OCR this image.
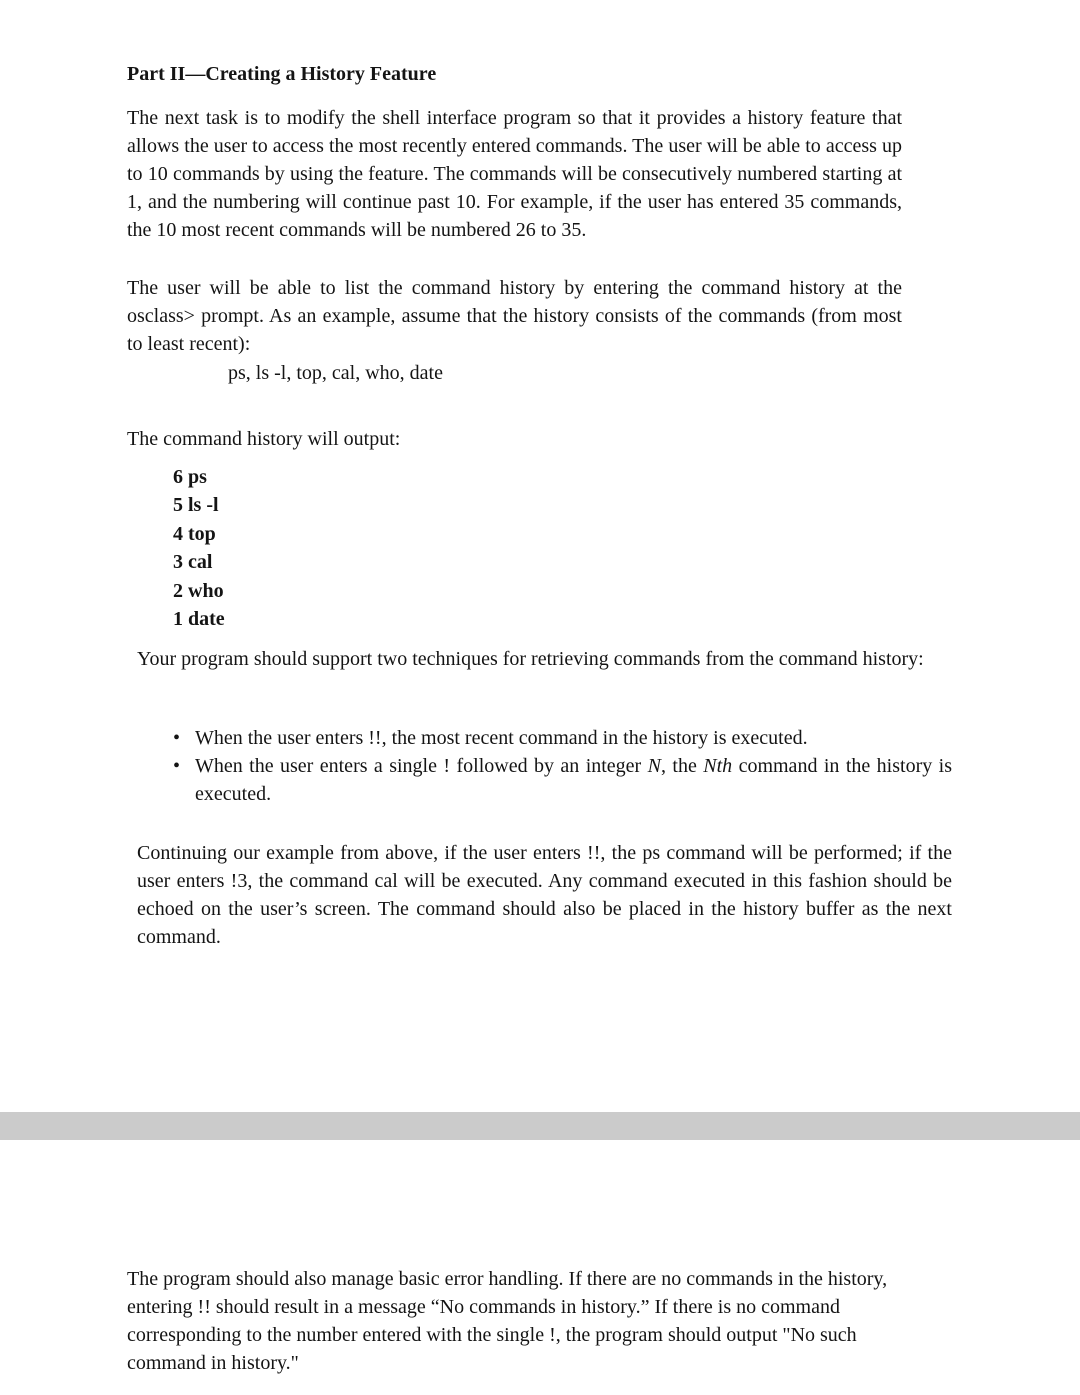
Part II—Creating a History Feature

The next task is to modify the shell interface program so that it provides a history feature that allows the user to access the most recently entered commands. The user will be able to access up to 10 commands by using the feature. The commands will be consecutively numbered starting at 1, and the numbering will continue past 10. For example, if the user has entered 35 commands, the 10 most recent commands will be numbered 26 to 35.

The user will be able to list the command history by entering the command history at the osclass> prompt. As an example, assume that the history consists of the commands (from most to least recent):

ps, ls -l, top, cal, who, date

The command history will output:

6 ps
5 ls -l
4 top
3 cal
2 who
1 date

Your program should support two techniques for retrieving commands from the command history:

• When the user enters !!, the most recent command in the history is executed.
• When the user enters a single ! followed by an integer N, the Nth command in the history is executed.

Continuing our example from above, if the user enters !!, the ps command will be performed; if the user enters !3, the command cal will be executed. Any command executed in this fashion should be echoed on the user’s screen. The command should also be placed in the history buffer as the next command.

The program should also manage basic error handling. If there are no commands in the history, entering !! should result in a message “No commands in history.” If there is no command corresponding to the number entered with the single !, the program should output "No such command in history."
